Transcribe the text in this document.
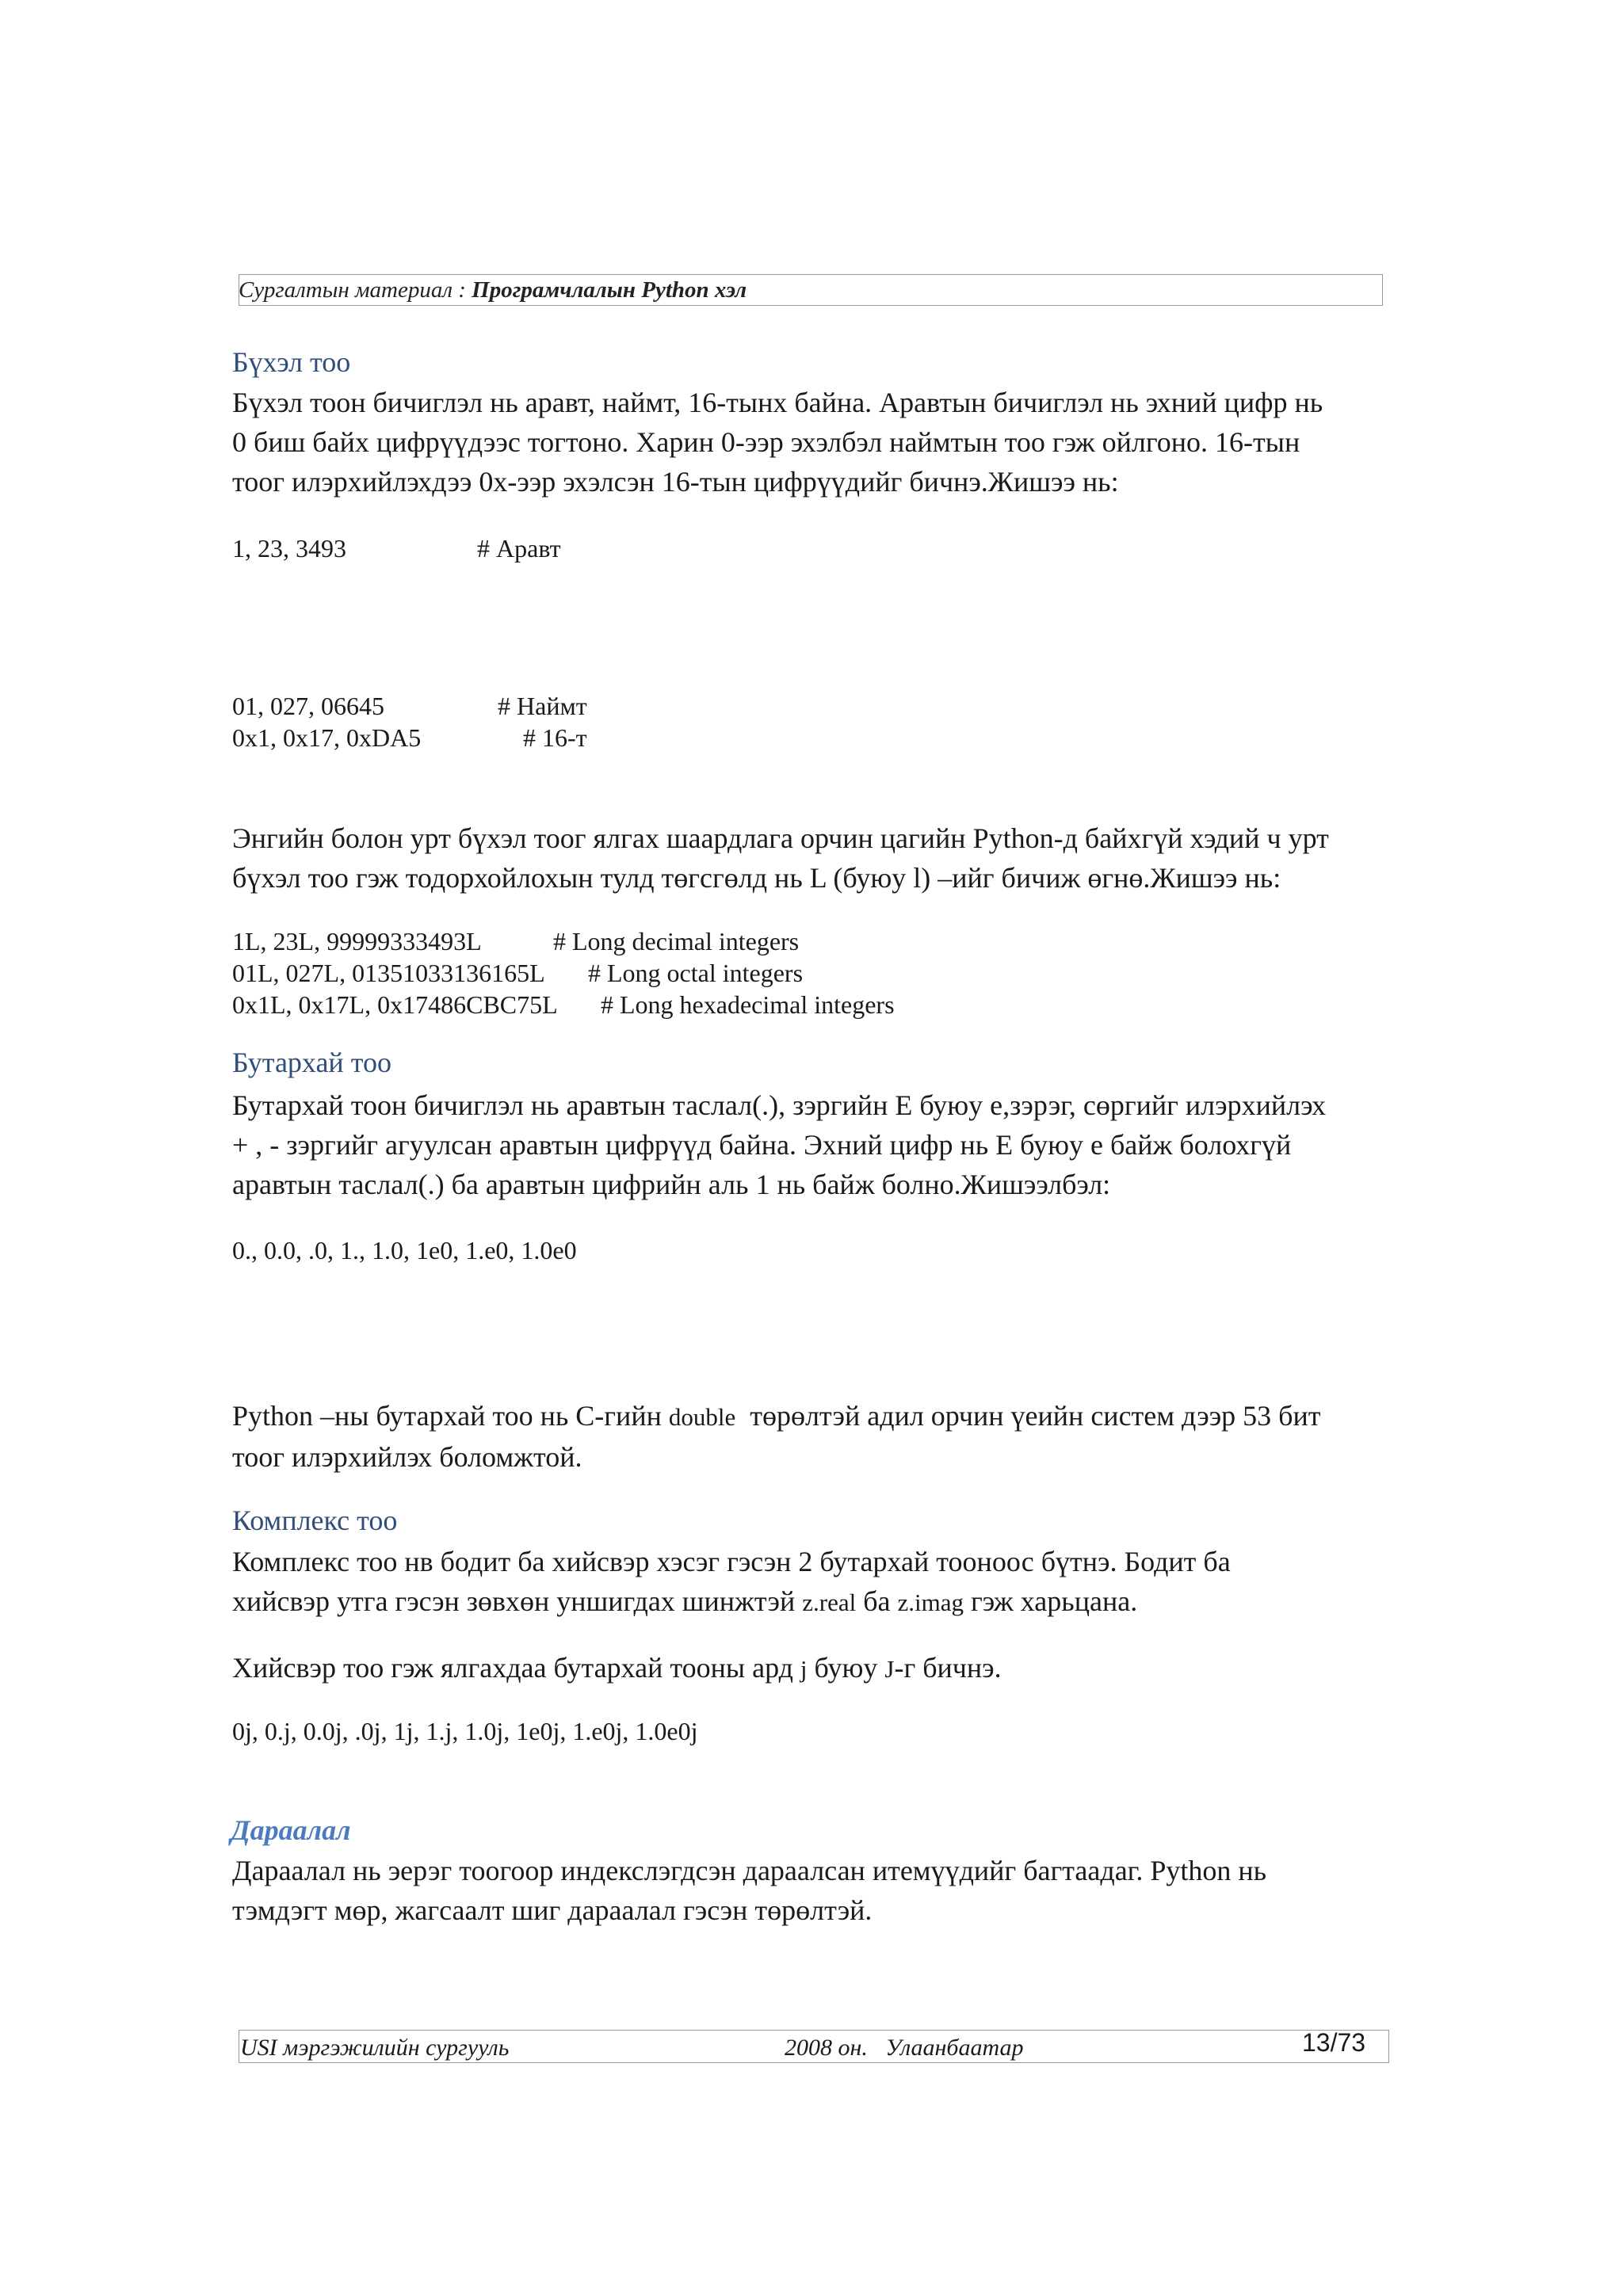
Сургалтын материал : Програмчлалын Python хэл
Бүхэл тоо
Бүхэл тоон бичиглэл нь аравт, наймт, 16-тынх байна. Аравтын бичиглэл нь эхний цифр нь
0 биш байх цифрүүдээс тогтоно. Харин 0-ээр эхэлбэл наймтын тоо гэж ойлгоно. 16-тын
тоог илэрхийлэхдээ 0х-ээр эхэлсэн 16-тын цифрүүдийг бичнэ.Жишээ нь:
1, 23, 3493	# Аравт
01, 027, 06645	# Наймт
0x1, 0x17, 0xDA5	# 16-т
Энгийн болон урт бүхэл тоог ялгах шаардлага орчин цагийн Python-д байхгүй хэдий ч урт
бүхэл тоо гэж тодорхойлохын тулд төгсгөлд нь L (буюу l) –ийг бичиж өгнө.Жишээ нь:
1L, 23L, 99999333493L	# Long decimal integers
01L, 027L, 01351033136165L # Long octal integers
0x1L, 0x17L, 0x17486CBC75L # Long hexadecimal integers
Бутархай тоо
Бутархай тоон бичиглэл нь аравтын таслал(.), зэргийн E буюу e,зэрэг, сөргийг илэрхийлэх
+ , - зэргийг агуулсан аравтын цифрүүд байна. Эхний цифр нь E буюу e байж болохгүй
аравтын таслал(.) ба аравтын цифрийн аль 1 нь байж болно.Жишээлбэл:
0., 0.0, .0, 1., 1.0, 1e0, 1.e0, 1.0e0
Python –ны бутархай тоо нь С-гийн double  төрөлтэй адил орчин үеийн систем дээр 53 бит
тоог илэрхийлэх боломжтой.
Комплекс тоо
Комплекс тоо нв бодит ба хийсвэр хэсэг гэсэн 2 бутархай тооноос бүтнэ. Бодит ба
хийсвэр утга гэсэн зөвхөн уншигдах шинжтэй z.real ба z.imag гэж харьцана.
Хийсвэр тоо гэж ялгахдаа бутархай тооны ард j буюу J-г бичнэ.
0j, 0.j, 0.0j, .0j, 1j, 1.j, 1.0j, 1e0j, 1.e0j, 1.0e0j
Дараалал
Дараалал нь эерэг тоогоор индекслэгдсэн дараалсан итемүүдийг багтаадаг. Python нь
тэмдэгт мөр, жагсаалт шиг дараалал гэсэн төрөлтэй.
USI мэргэжилийн сургууль	2008 он.   Улаанбаатар	13/73
